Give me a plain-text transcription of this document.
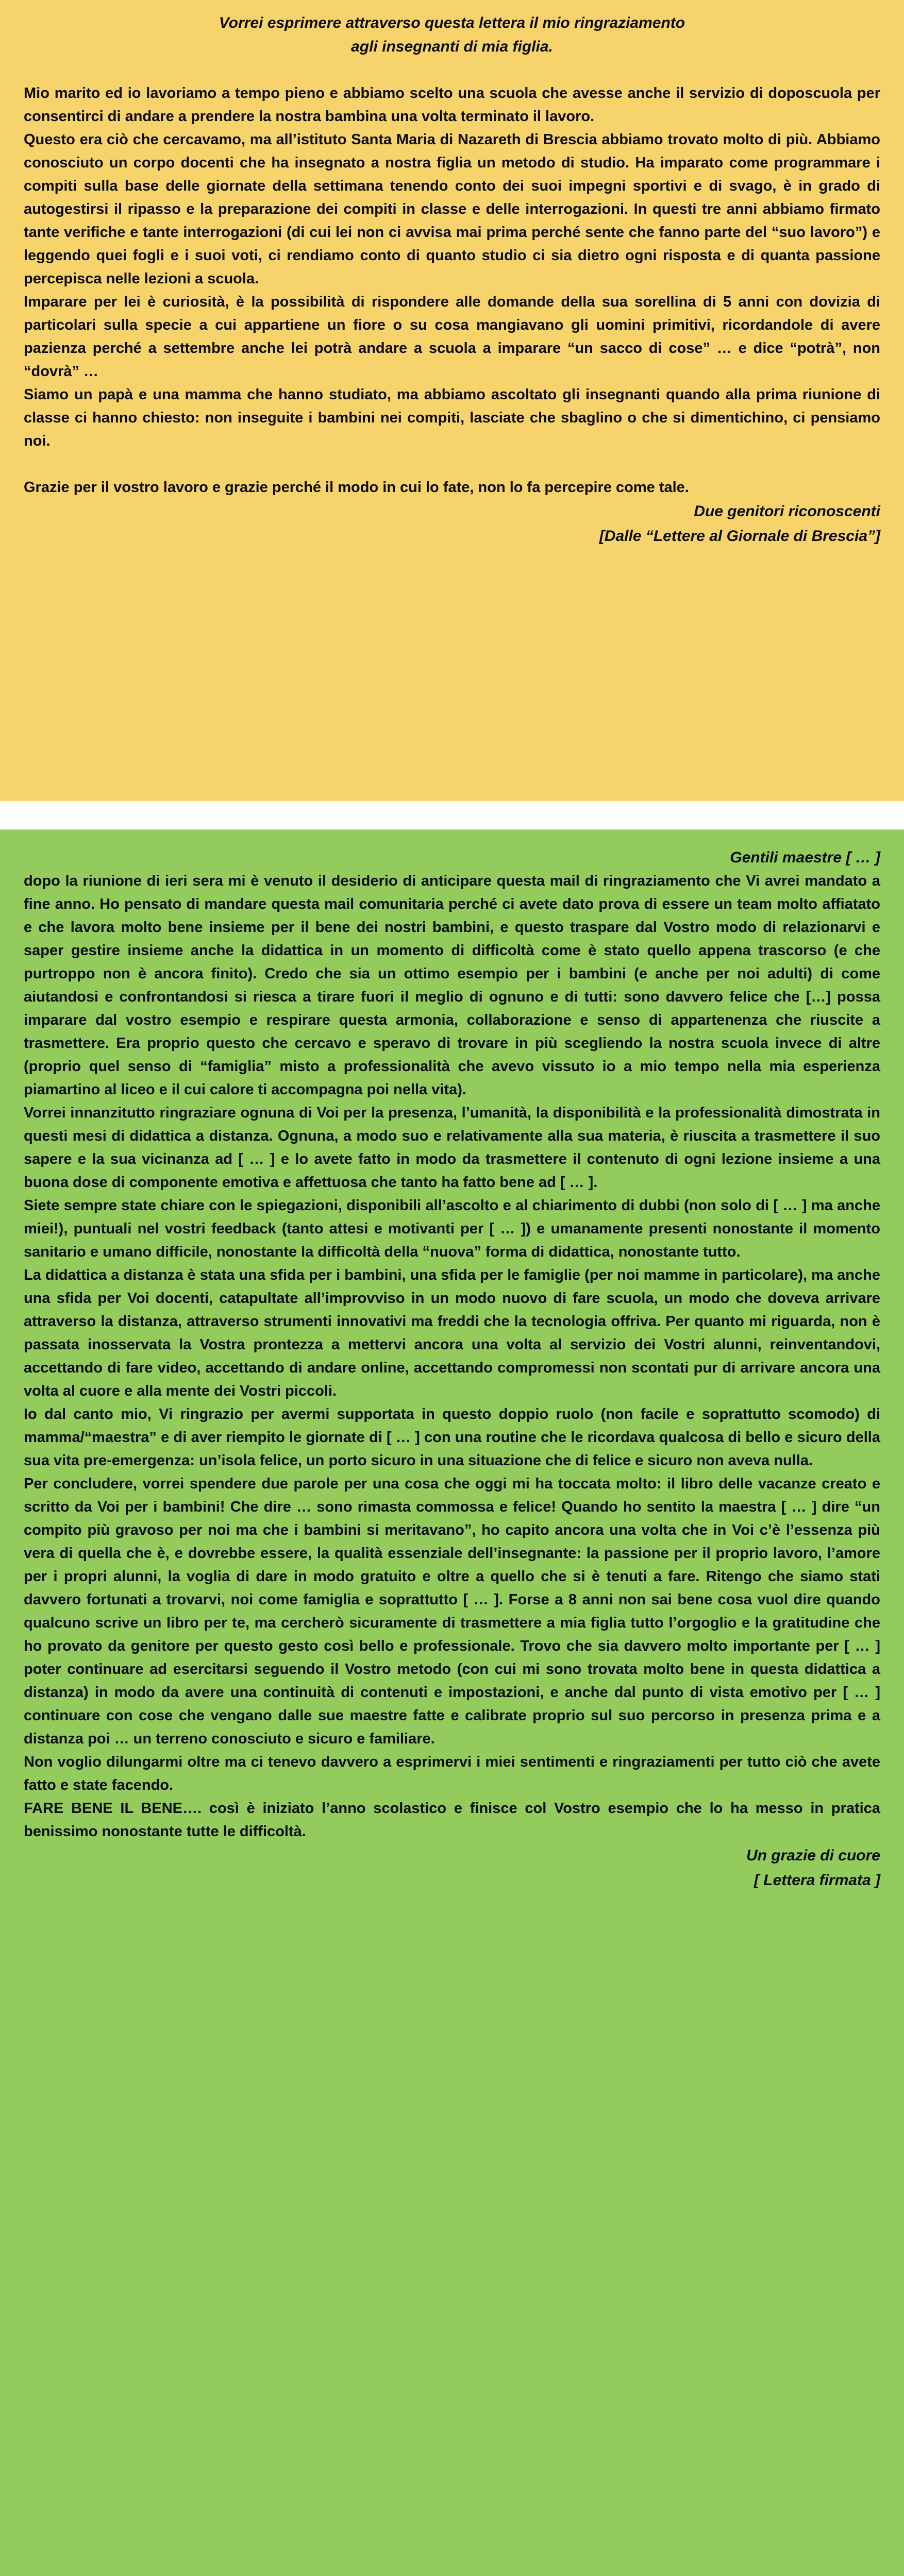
Vorrei esprimere attraverso questa lettera il mio ringraziamento
agli insegnanti di mia figlia.

Mio marito ed io lavoriamo a tempo pieno e abbiamo scelto una scuola che avesse anche il servizio di doposcuola per consentirci di andare a prendere la nostra bambina una volta terminato il lavoro.

Questo era ciò che cercavamo, ma all’istituto Santa Maria di Nazareth di Brescia abbiamo trovato molto di più. Abbiamo conosciuto un corpo docenti che ha insegnato a nostra figlia un metodo di studio. Ha imparato come programmare i compiti sulla base delle giornate della settimana tenendo conto dei suoi impegni sportivi e di svago, è in grado di autogestirsi il ripasso e la preparazione dei compiti in classe e delle interrogazioni. In questi tre anni abbiamo firmato tante verifiche e tante interrogazioni (di cui lei non ci avvisa mai prima perché sente che fanno parte del “suo lavoro”) e leggendo quei fogli e i suoi voti, ci rendiamo conto di quanto studio ci sia dietro ogni risposta e di quanta passione percepisca nelle lezioni a scuola.

Imparare per lei è curiosità, è la possibilità di rispondere alle domande della sua sorellina di 5 anni con dovizia di particolari sulla specie a cui appartiene un fiore o su cosa mangiavano gli uomini primitivi, ricordandole di avere pazienza perché a settembre anche lei potrà andare a scuola a imparare “un sacco di cose” … e dice “potrà”, non “dovrà” …

Siamo un papà e una mamma che hanno studiato, ma abbiamo ascoltato gli insegnanti quando alla prima riunione di classe ci hanno chiesto: non inseguite i bambini nei compiti, lasciate che sbaglino o che si dimentichino, ci pensiamo noi.

Grazie per il vostro lavoro e grazie perché il modo in cui lo fate, non lo fa percepire come tale.

Due genitori riconoscenti
[Dalle “Lettere al Giornale di Brescia”]
Gentili maestre [ … ]

dopo la riunione di ieri sera mi è venuto il desiderio di anticipare questa mail di ringraziamento che Vi avrei mandato a fine anno. Ho pensato di mandare questa mail comunitaria perché ci avete dato prova di essere un team molto affiatato e che lavora molto bene insieme per il bene dei nostri bambini, e questo traspare dal Vostro modo di relazionarvi e saper gestire insieme anche la didattica in un momento di difficoltà come è stato quello appena trascorso (e che purtroppo non è ancora finito). Credo che sia un ottimo esempio per i bambini (e anche per noi adulti) di come aiutandosi e confrontandosi si riesca a tirare fuori il meglio di ognuno e di tutti: sono davvero felice che […] possa imparare dal vostro esempio e respirare questa armonia, collaborazione e senso di appartenenza che riuscite a trasmettere. Era proprio questo che cercavo e speravo di trovare in più scegliendo la nostra scuola invece di altre (proprio quel senso di “famiglia” misto a professionalità che avevo vissuto io a mio tempo nella mia esperienza piamartino al liceo e il cui calore ti accompagna poi nella vita).

Vorrei innanzitutto ringraziare ognuna di Voi per la presenza, l’umanità, la disponibilità e la professionalità dimostrata in questi mesi di didattica a distanza. Ognuna, a modo suo e relativamente alla sua materia, è riuscita a trasmettere il suo sapere e la sua vicinanza ad [ … ] e lo avete fatto in modo da trasmettere il contenuto di ogni lezione insieme a una buona dose di componente emotiva e affettuosa che tanto ha fatto bene ad [ … ].

Siete sempre state chiare con le spiegazioni, disponibili all’ascolto e al chiarimento di dubbi (non solo di [ … ] ma anche miei!), puntuali nel vostri feedback (tanto attesi e motivanti per [ … ]) e umanamente presenti nonostante il momento sanitario e umano difficile, nonostante la difficoltà della “nuova” forma di didattica, nonostante tutto.

La didattica a distanza è stata una sfida per i bambini, una sfida per le famiglie (per noi mamme in particolare), ma anche una sfida per Voi docenti, catapultate all’improvviso in un modo nuovo di fare scuola, un modo che doveva arrivare attraverso la distanza, attraverso strumenti innovativi ma freddi che la tecnologia offriva. Per quanto mi riguarda, non è passata inosservata la Vostra prontezza a mettervi ancora una volta al servizio dei Vostri alunni, reinventandovi, accettando di fare video, accettando di andare online, accettando compromessi non scontati pur di arrivare ancora una volta al cuore e alla mente dei Vostri piccoli.

Io dal canto mio, Vi ringrazio per avermi supportata in questo doppio ruolo (non facile e soprattutto scomodo) di mamma/“maestra” e di aver riempito le giornate di [ … ] con una routine che le ricordava qualcosa di bello e sicuro della sua vita pre-emergenza: un’isola felice, un porto sicuro in una situazione che di felice e sicuro non aveva nulla.

Per concludere, vorrei spendere due parole per una cosa che oggi mi ha toccata molto: il libro delle vacanze creato e scritto da Voi per i bambini! Che dire … sono rimasta commossa e felice! Quando ho sentito la maestra [ … ] dire “un compito più gravoso per noi ma che i bambini si meritavano”, ho capito ancora una volta che in Voi c’è l’essenza più vera di quella che è, e dovrebbe essere, la qualità essenziale dell’insegnante: la passione per il proprio lavoro, l’amore per i propri alunni, la voglia di dare in modo gratuito e oltre a quello che si è tenuti a fare. Ritengo che siamo stati davvero fortunati a trovarvi, noi come famiglia e soprattutto [ … ]. Forse a 8 anni non sai bene cosa vuol dire quando qualcuno scrive un libro per te, ma cercherò sicuramente di trasmettere a mia figlia tutto l’orgoglio e la gratitudine che ho provato da genitore per questo gesto così bello e professionale. Trovo che sia davvero molto importante per [ … ] poter continuare ad esercitarsi seguendo il Vostro metodo (con cui mi sono trovata molto bene in questa didattica a distanza) in modo da avere una continuità di contenuti e impostazioni, e anche dal punto di vista emotivo per [ … ] continuare con cose che vengano dalle sue maestre fatte e calibrate proprio sul suo percorso in presenza prima e a distanza poi … un terreno conosciuto e sicuro e familiare.

Non voglio dilungarmi oltre ma ci tenevo davvero a esprimervi i miei sentimenti e ringraziamenti per tutto ciò che avete fatto e state facendo.

FARE BENE IL BENE…. così è iniziato l’anno scolastico e finisce col Vostro esempio che lo ha messo in pratica benissimo nonostante tutte le difficoltà.

Un grazie di cuore
[ Lettera firmata ]
